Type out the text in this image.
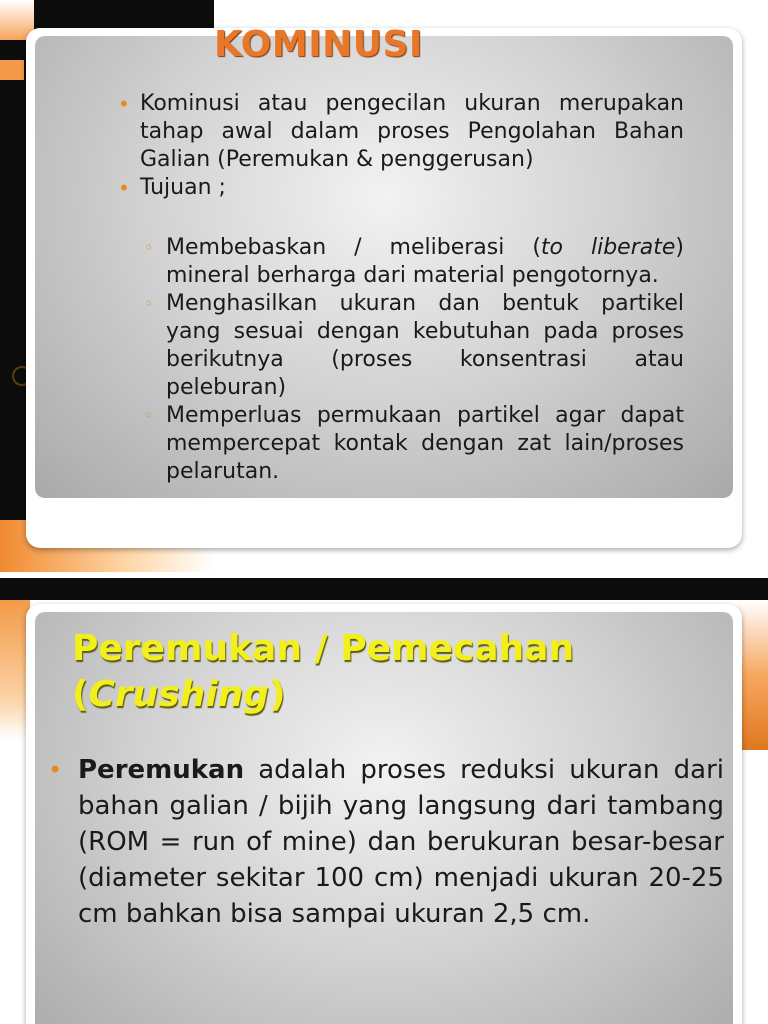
KOMINUSI
• Kominusi atau pengecilan ukuran merupakan tahap awal dalam proses Pengolahan Bahan Galian (Peremukan & penggerusan)
• Tujuan ;
◦ Membebaskan / meliberasi (to liberate) mineral berharga dari material pengotornya.
◦ Menghasilkan ukuran dan bentuk partikel yang sesuai dengan kebutuhan pada proses berikutnya (proses konsentrasi atau peleburan)
◦ Memperluas permukaan partikel agar dapat mempercepat kontak dengan zat lain/proses pelarutan.
Peremukan / Pemecahan
(Crushing)

• Peremukan adalah proses reduksi ukuran dari bahan galian / bijih yang langsung dari tambang (ROM = run of mine) dan berukuran besar-besar (diameter sekitar 100 cm) menjadi ukuran 20-25 cm bahkan bisa sampai ukuran 2,5 cm.
